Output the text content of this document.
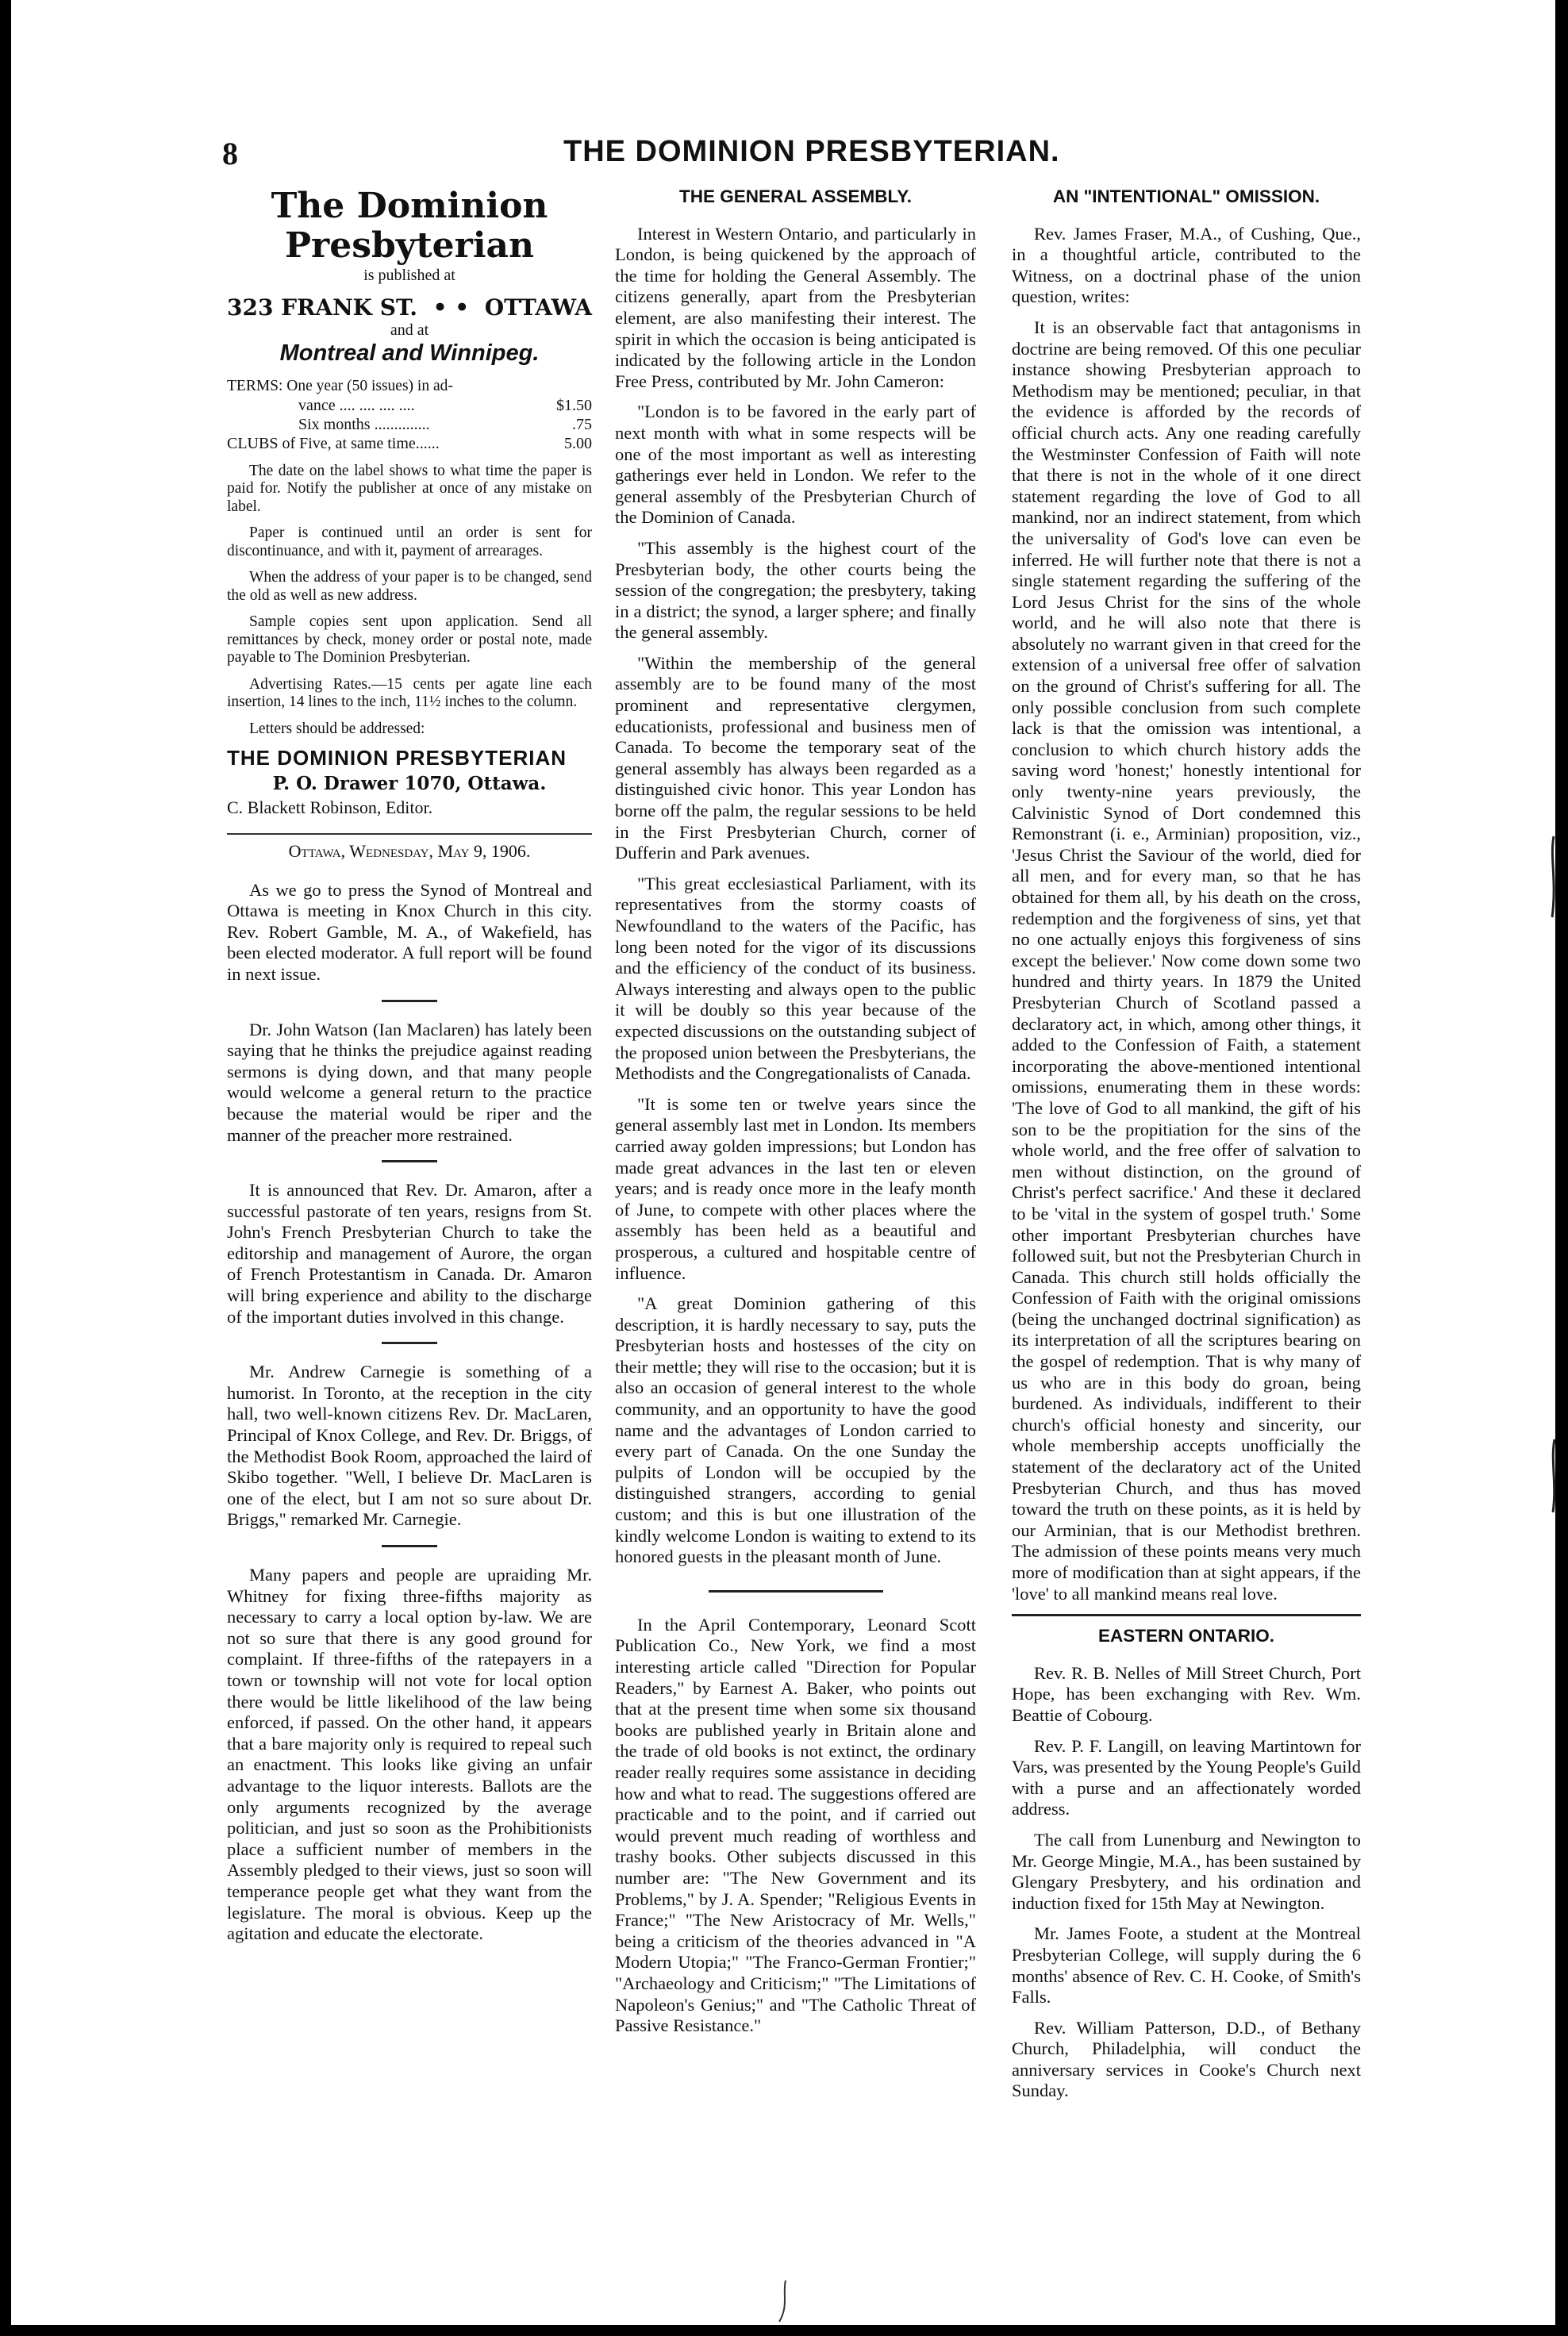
8	THE DOMINION PRESBYTERIAN.
The Dominion Presbyterian
is published at
323 FRANK ST. • • OTTAWA
and at
Montreal and Winnipeg.
TERMS: One year (50 issues) in ad-
vance .... .... .... ....	$1.50
Six months ..............	.75
CLUBS of Five, at same time......	5.00

The date on the label shows to what time the paper is paid for. Notify the publisher at once of any mistake on label.

Paper is continued until an order is sent for discontinuance, and with it, payment of arrearages.

When the address of your paper is to be changed, send the old as well as new address.

Sample copies sent upon application. Send all remittances by check, money order or postal note, made payable to The Dominion Presbyterian.

Advertising Rates.—15 cents per agate line each insertion, 14 lines to the inch, 11½ inches to the column.

Letters should be addressed:

THE DOMINION PRESBYTERIAN
P. O. Drawer 1070, Ottawa.
C. Blackett Robinson, Editor.
Ottawa, Wednesday, May 9, 1906.

As we go to press the Synod of Montreal and Ottawa is meeting in Knox Church in this city. Rev. Robert Gamble, M. A., of Wakefield, has been elected moderator. A full report will be found in next issue.

Dr. John Watson (Ian Maclaren) has lately been saying that he thinks the prejudice against reading sermons is dying down, and that many people would welcome a general return to the practice because the material would be riper and the manner of the preacher more restrained.

It is announced that Rev. Dr. Amaron, after a successful pastorate of ten years, resigns from St. John's French Presbyterian Church to take the editorship and management of Aurore, the organ of French Protestantism in Canada. Dr. Amaron will bring experience and ability to the discharge of the important duties involved in this change.

Mr. Andrew Carnegie is something of a humorist. In Toronto, at the reception in the city hall, two well-known citizens Rev. Dr. MacLaren, Principal of Knox College, and Rev. Dr. Briggs, of the Methodist Book Room, approached the laird of Skibo together. "Well, I believe Dr. MacLaren is one of the elect, but I am not so sure about Dr. Briggs," remarked Mr. Carnegie.

Many papers and people are upraiding Mr. Whitney for fixing three-fifths majority as necessary to carry a local option by-law. We are not so sure that there is any good ground for complaint. If three-fifths of the ratepayers in a town or township will not vote for local option there would be little likelihood of the law being enforced, if passed. On the other hand, it appears that a bare majority only is required to repeal such an enactment. This looks like giving an unfair advantage to the liquor interests. Ballots are the only arguments recognized by the average politician, and just so soon as the Prohibitionists place a sufficient number of members in the Assembly pledged to their views, just so soon will temperance people get what they want from the legislature. The moral is obvious. Keep up the agitation and educate the electorate.

THE GENERAL ASSEMBLY.

Interest in Western Ontario, and particularly in London, is being quickened by the approach of the time for holding the General Assembly. The citizens generally, apart from the Presbyterian element, are also manifesting their interest. The spirit in which the occasion is being anticipated is indicated by the following article in the London Free Press, contributed by Mr. John Cameron:

"London is to be favored in the early part of next month with what in some respects will be one of the most important as well as interesting gatherings ever held in London. We refer to the general assembly of the Presbyterian Church of the Dominion of Canada.

"This assembly is the highest court of the Presbyterian body, the other courts being the session of the congregation; the presbytery, taking in a district; the synod, a larger sphere; and finally the general assembly.

"Within the membership of the general assembly are to be found many of the most prominent and representative clergymen, educationists, professional and business men of Canada. To become the temporary seat of the general assembly has always been regarded as a distinguished civic honor. This year London has borne off the palm, the regular sessions to be held in the First Presbyterian Church, corner of Dufferin and Park avenues.

"This great ecclesiastical Parliament, with its representatives from the stormy coasts of Newfoundland to the waters of the Pacific, has long been noted for the vigor of its discussions and the efficiency of the conduct of its business. Always interesting and always open to the public it will be doubly so this year because of the expected discussions on the outstanding subject of the proposed union between the Presbyterians, the Methodists and the Congregationalists of Canada.

"It is some ten or twelve years since the general assembly last met in London. Its members carried away golden impressions; but London has made great advances in the last ten or eleven years; and is ready once more in the leafy month of June, to compete with other places where the assembly has been held as a beautiful and prosperous, a cultured and hospitable centre of influence.

"A great Dominion gathering of this description, it is hardly necessary to say, puts the Presbyterian hosts and hostesses of the city on their mettle; they will rise to the occasion; but it is also an occasion of general interest to the whole community, and an opportunity to have the good name and the advantages of London carried to every part of Canada. On the one Sunday the pulpits of London will be occupied by the distinguished strangers, according to genial custom; and this is but one illustration of the kindly welcome London is waiting to extend to its honored guests in the pleasant month of June.

In the April Contemporary, Leonard Scott Publication Co., New York, we find a most interesting article called "Direction for Popular Readers," by Earnest A. Baker, who points out that at the present time when some six thousand books are published yearly in Britain alone and the trade of old books is not extinct, the ordinary reader really requires some assistance in deciding how and what to read. The suggestions offered are practicable and to the point, and if carried out would prevent much reading of worthless and trashy books. Other subjects discussed in this number are: "The New Government and its Problems," by J. A. Spender; "Religious Events in France;" "The New Aristocracy of Mr. Wells," being a criticism of the theories advanced in "A Modern Utopia;" "The Franco-German Frontier;" "Archaeology and Criticism;" "The Limitations of Napoleon's Genius;" and "The Catholic Threat of Passive Resistance."

AN "INTENTIONAL" OMISSION.

Rev. James Fraser, M.A., of Cushing, Que., in a thoughtful article, contributed to the Witness, on a doctrinal phase of the union question, writes:

It is an observable fact that antagonisms in doctrine are being removed. Of this one peculiar instance showing Presbyterian approach to Methodism may be mentioned; peculiar, in that the evidence is afforded by the records of official church acts. Any one reading carefully the Westminster Confession of Faith will note that there is not in the whole of it one direct statement regarding the love of God to all mankind, nor an indirect statement, from which the universality of God's love can even be inferred. He will further note that there is not a single statement regarding the suffering of the Lord Jesus Christ for the sins of the whole world, and he will also note that there is absolutely no warrant given in that creed for the extension of a universal free offer of salvation on the ground of Christ's suffering for all. The only possible conclusion from such complete lack is that the omission was intentional, a conclusion to which church history adds the saving word 'honest;' honestly intentional for only twenty-nine years previously, the Calvinistic Synod of Dort condemned this Remonstrant (i. e., Arminian) proposition, viz., 'Jesus Christ the Saviour of the world, died for all men, and for every man, so that he has obtained for them all, by his death on the cross, redemption and the forgiveness of sins, yet that no one actually enjoys this forgiveness of sins except the believer.' Now come down some two hundred and thirty years. In 1879 the United Presbyterian Church of Scotland passed a declaratory act, in which, among other things, it added to the Confession of Faith, a statement incorporating the above-mentioned intentional omissions, enumerating them in these words: 'The love of God to all mankind, the gift of his son to be the propitiation for the sins of the whole world, and the free offer of salvation to men without distinction, on the ground of Christ's perfect sacrifice.' And these it declared to be 'vital in the system of gospel truth.' Some other important Presbyterian churches have followed suit, but not the Presbyterian Church in Canada. This church still holds officially the Confession of Faith with the original omissions (being the unchanged doctrinal signification) as its interpretation of all the scriptures bearing on the gospel of redemption. That is why many of us who are in this body do groan, being burdened. As individuals, indifferent to their church's official honesty and sincerity, our whole membership accepts unofficially the statement of the declaratory act of the United Presbyterian Church, and thus has moved toward the truth on these points, as it is held by our Arminian, that is our Methodist brethren. The admission of these points means very much more of modification than at sight appears, if the 'love' to all mankind means real love.

EASTERN ONTARIO.

Rev. R. B. Nelles of Mill Street Church, Port Hope, has been exchanging with Rev. Wm. Beattie of Cobourg.

Rev. P. F. Langill, on leaving Martintown for Vars, was presented by the Young People's Guild with a purse and an affectionately worded address.

The call from Lunenburg and Newington to Mr. George Mingie, M.A., has been sustained by Glengary Presbytery, and his ordination and induction fixed for 15th May at Newington.

Mr. James Foote, a student at the Montreal Presbyterian College, will supply during the 6 months' absence of Rev. C. H. Cooke, of Smith's Falls.

Rev. William Patterson, D.D., of Bethany Church, Philadelphia, will conduct the anniversary services in Cooke's Church next Sunday.
